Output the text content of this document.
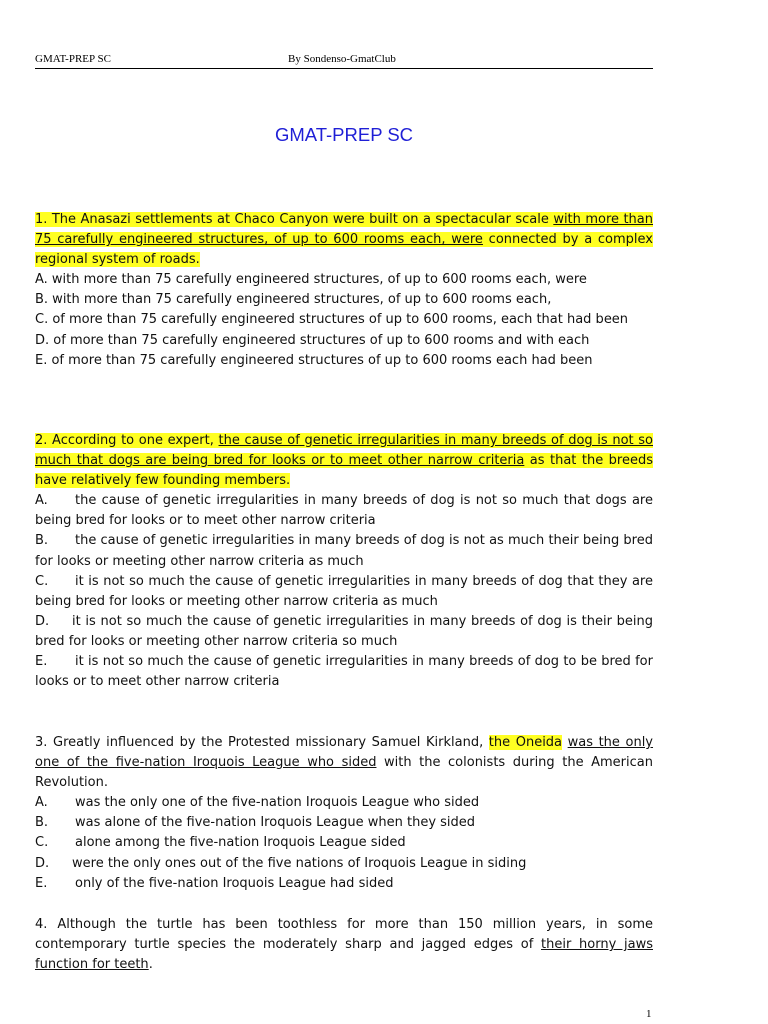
GMAT-PREP SC	By Sondenso-GmatClub
GMAT-PREP SC

1. The Anasazi settlements at Chaco Canyon were built on a spectacular scale with more than 75 carefully engineered structures, of up to 600 rooms each, were connected by a complex regional system of roads.

A. with more than 75 carefully engineered structures, of up to 600 rooms each, were

B. with more than 75 carefully engineered structures, of up to 600 rooms each,

C. of more than 75 carefully engineered structures of up to 600 rooms, each that had been

D. of more than 75 carefully engineered structures of up to 600 rooms and with each

E. of more than 75 carefully engineered structures of up to 600 rooms each had been

2. According to one expert, the cause of genetic irregularities in many breeds of dog is not so much that dogs are being bred for looks or to meet other narrow criteria as that the breeds have relatively few founding members.

A. the cause of genetic irregularities in many breeds of dog is not so much that dogs are being bred for looks or to meet other narrow criteria

B. the cause of genetic irregularities in many breeds of dog is not as much their being bred for looks or meeting other narrow criteria as much

C. it is not so much the cause of genetic irregularities in many breeds of dog that they are being bred for looks or meeting other narrow criteria as much

D. it is not so much the cause of genetic irregularities in many breeds of dog is their being bred for looks or meeting other narrow criteria so much

E. it is not so much the cause of genetic irregularities in many breeds of dog to be bred for looks or to meet other narrow criteria

3. Greatly influenced by the Protested missionary Samuel Kirkland, the Oneida was the only one of the five-nation Iroquois League who sided with the colonists during the American Revolution.

A. was the only one of the five-nation Iroquois League who sided

B. was alone of the five-nation Iroquois League when they sided

C. alone among the five-nation Iroquois League sided

D. were the only ones out of the five nations of Iroquois League in siding

E. only of the five-nation Iroquois League had sided

4. Although the turtle has been toothless for more than 150 million years, in some contemporary turtle species the moderately sharp and jagged edges of their horny jaws function for teeth.

1
